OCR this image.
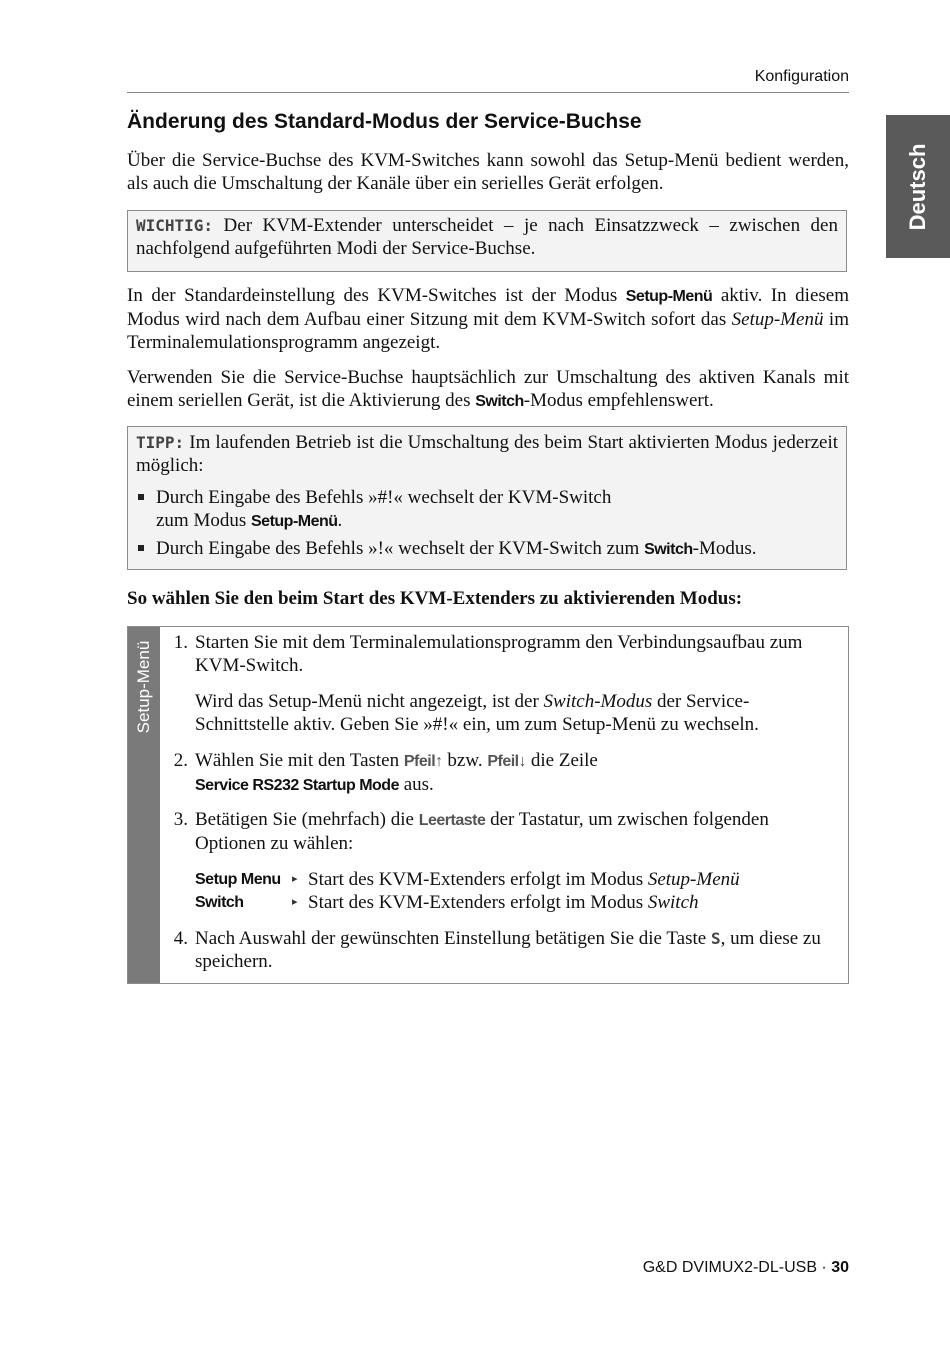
Konfiguration
Deutsch
Änderung des Standard-Modus der Service-Buchse

Über die Service-Buchse des KVM-Switches kann sowohl das Setup-Menü bedient werden, als auch die Umschaltung der Kanäle über ein serielles Gerät erfolgen.

WICHTIG: Der KVM-Extender unterscheidet – je nach Einsatzzweck – zwischen den nachfolgend aufgeführten Modi der Service-Buchse.

In der Standardeinstellung des KVM-Switches ist der Modus Setup-Menü aktiv. In diesem Modus wird nach dem Aufbau einer Sitzung mit dem KVM-Switch sofort das Setup-Menü im Terminalemulationsprogramm angezeigt.

Verwenden Sie die Service-Buchse hauptsächlich zur Umschaltung des aktiven Kanals mit einem seriellen Gerät, ist die Aktivierung des Switch-Modus empfehlenswert.

TIPP: Im laufenden Betrieb ist die Umschaltung des beim Start aktivierten Modus jederzeit möglich:

Durch Eingabe des Befehls »#!« wechselt der KVM-Switch
zum Modus Setup-Menü.
Durch Eingabe des Befehls »!« wechselt der KVM-Switch zum Switch-Modus.
So wählen Sie den beim Start des KVM-Extenders zu aktivierenden Modus:
Setup-Menü	1. Starten Sie mit dem Terminalemulationsprogramm den Verbindungsaufbau zum KVM-Switch.

Wird das Setup-Menü nicht angezeigt, ist der Switch-Modus der Service-Schnittstelle aktiv. Geben Sie »#!« ein, um zum Setup-Menü zu wechseln.

2. Wählen Sie mit den Tasten Pfeil↑ bzw. Pfeil↓ die Zeile
Service RS232 Startup Mode aus.

3. Betätigen Sie (mehrfach) die Leertaste der Tastatur, um zwischen folgenden Optionen zu wählen:

Setup Menu ▸ Start des KVM-Extenders erfolgt im Modus Setup-Menü
Switch	▸ Start des KVM-Extenders erfolgt im Modus Switch
4. Nach Auswahl der gewünschten Einstellung betätigen Sie die Taste S, um diese zu speichern.

G&D DVIMUX2-DL-USB · 30
